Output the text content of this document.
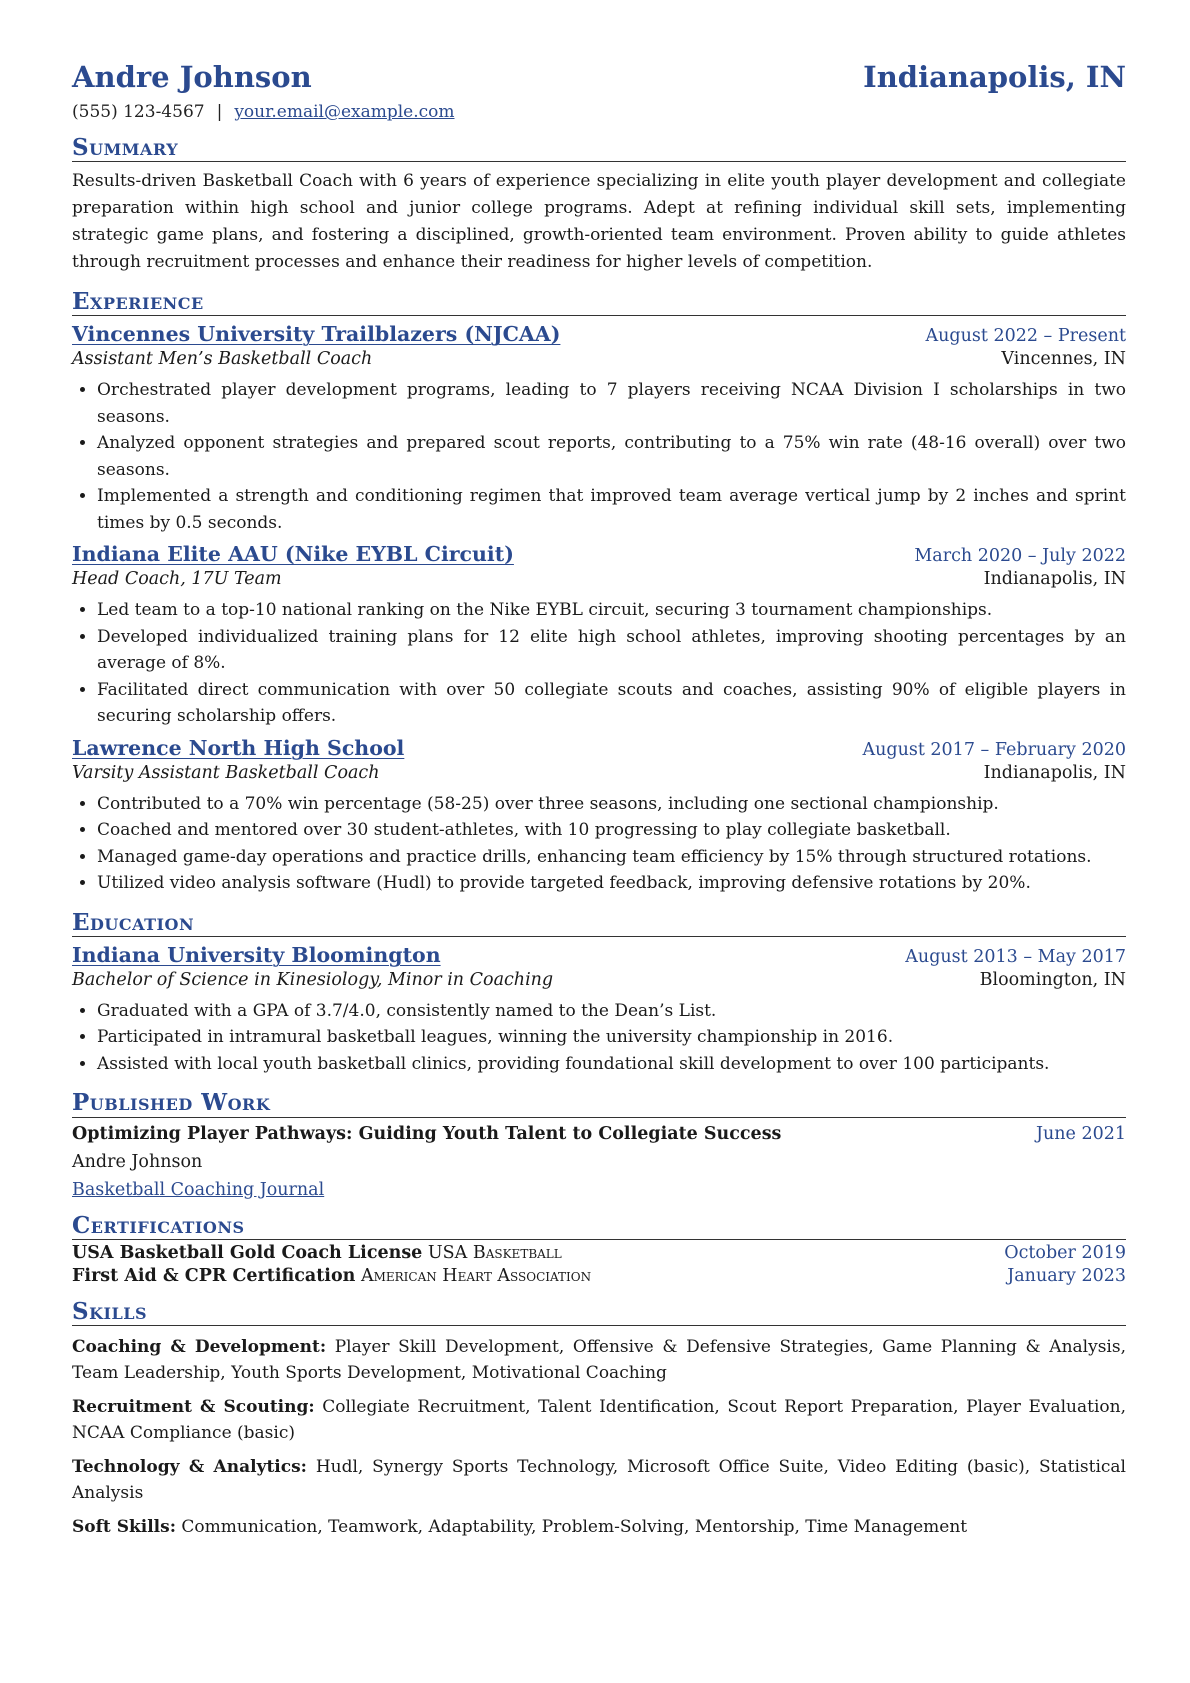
Andre Johnson	Indianapolis, IN
(555) 123-4567 | your.email@example.com
Summary
Results-driven Basketball Coach with 6 years of experience specializing in elite youth player development and collegiate preparation within high school and junior college programs. Adept at refining individual skill sets, implementing strategic game plans, and fostering a disciplined, growth-oriented team environment. Proven ability to guide athletes through recruitment processes and enhance their readiness for higher levels of competition.
Experience
Vincennes University Trailblazers (NJCAA)	August 2022 – Present
Assistant Men’s Basketball Coach	Vincennes, IN
• Orchestrated player development programs, leading to 7 players receiving NCAA Division I scholarships in two seasons.
• Analyzed opponent strategies and prepared scout reports, contributing to a 75% win rate (48-16 overall) over two seasons.
• Implemented a strength and conditioning regimen that improved team average vertical jump by 2 inches and sprint times by 0.5 seconds.
Indiana Elite AAU (Nike EYBL Circuit)	March 2020 – July 2022
Head Coach, 17U Team	Indianapolis, IN
• Led team to a top-10 national ranking on the Nike EYBL circuit, securing 3 tournament championships.
• Developed individualized training plans for 12 elite high school athletes, improving shooting percentages by an average of 8%.
• Facilitated direct communication with over 50 collegiate scouts and coaches, assisting 90% of eligible players in securing scholarship offers.
Lawrence North High School	August 2017 – February 2020
Varsity Assistant Basketball Coach	Indianapolis, IN
• Contributed to a 70% win percentage (58-25) over three seasons, including one sectional championship.
• Coached and mentored over 30 student-athletes, with 10 progressing to play collegiate basketball.
• Managed game-day operations and practice drills, enhancing team efficiency by 15% through structured rotations.
• Utilized video analysis software (Hudl) to provide targeted feedback, improving defensive rotations by 20%.
Education
Indiana University Bloomington	August 2013 – May 2017
Bachelor of Science in Kinesiology, Minor in Coaching	Bloomington, IN
• Graduated with a GPA of 3.7/4.0, consistently named to the Dean’s List.
• Participated in intramural basketball leagues, winning the university championship in 2016.
• Assisted with local youth basketball clinics, providing foundational skill development to over 100 participants.
Published Work
Optimizing Player Pathways: Guiding Youth Talent to Collegiate Success	June 2021
Andre Johnson
Basketball Coaching Journal
Certifications
USA Basketball Gold Coach License USA Basketball	October 2019
First Aid & CPR Certification American Heart Association	January 2023
Skills
Coaching & Development: Player Skill Development, Offensive & Defensive Strategies, Game Planning & Analysis, Team Leadership, Youth Sports Development, Motivational Coaching
Recruitment & Scouting: Collegiate Recruitment, Talent Identification, Scout Report Preparation, Player Evaluation, NCAA Compliance (basic)
Technology & Analytics: Hudl, Synergy Sports Technology, Microsoft Office Suite, Video Editing (basic), Statistical Analysis
Soft Skills: Communication, Teamwork, Adaptability, Problem-Solving, Mentorship, Time Management
